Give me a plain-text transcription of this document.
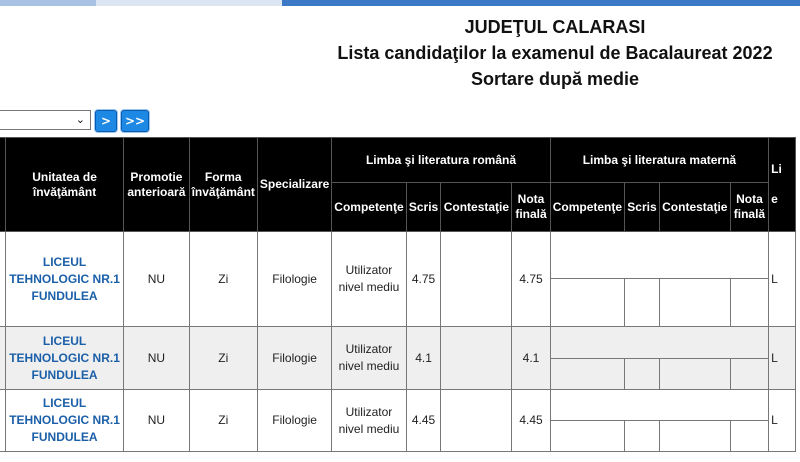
JUDEŢUL CALARASI
Lista candidaţilor la examenul de Bacalaureat 2022
Sortare după medie
⌄	>	>>
	Unitatea de învăţământ	Promotie anterioară	Forma învăţământ	Specializare	Limba şi literatura română				Limba şi literatura maternă				Li

e
					Competenţe	Scris	Contestaţie	Nota finală	Competenţe	Scris	Contestaţie	Nota finală	
	LICEUL TEHNOLOGIC NR.1 FUNDULEA	NU	Zi	Filologie	Utilizator nivel mediu	4.75		4.75					L

	LICEUL TEHNOLOGIC NR.1 FUNDULEA	NU	Zi	Filologie	Utilizator nivel mediu	4.1		4.1					L

	LICEUL TEHNOLOGIC NR.1 FUNDULEA	NU	Zi	Filologie	Utilizator nivel mediu	4.45		4.45					L
